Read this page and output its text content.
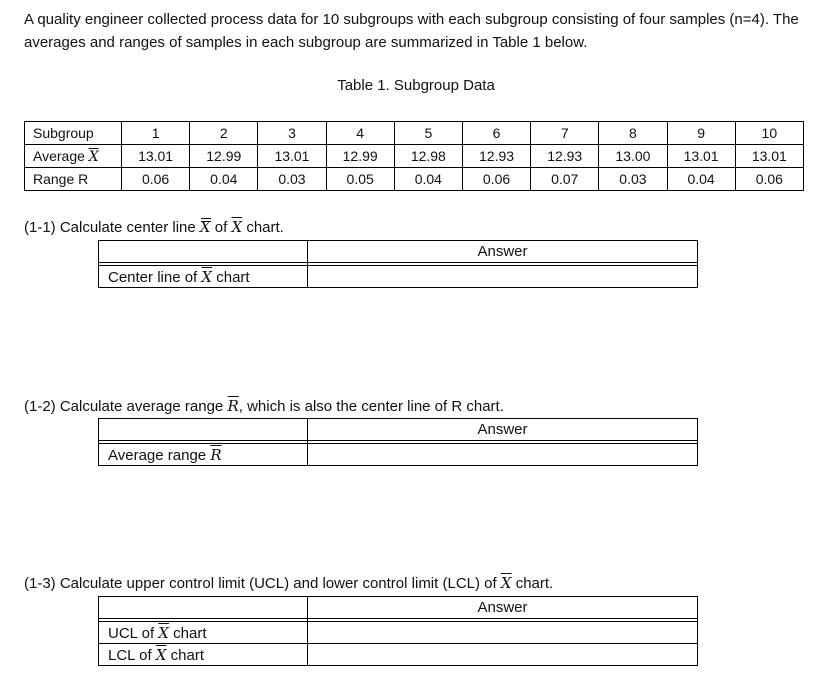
A quality engineer collected process data for 10 subgroups with each subgroup consisting of four samples (n=4). The averages and ranges of samples in each subgroup are summarized in Table 1 below.
Table 1. Subgroup Data
Subgroup	1	2	3	4	5	6	7	8	9	10
Average $\overline{X}$	13.01	12.99	13.01	12.99	12.98	12.93	12.93	13.00	13.01	13.01
Range R	0.06	0.04	0.03	0.05	0.04	0.06	0.07	0.03	0.04	0.06
(1-1) Calculate center line X of $\overline{X}$ chart.
	Answer

Center line of $\overline{X}$ chart	
(1-2) Calculate average range $\overline{R}$, which is also the center line of R chart.
	Answer

Average range $\overline{R}$	
(1-3) Calculate upper control limit (UCL) and lower control limit (LCL) of $\overline{X}$ chart.
	Answer

UCL of $\overline{X}$ chart	
LCL of $\overline{X}$ chart	
